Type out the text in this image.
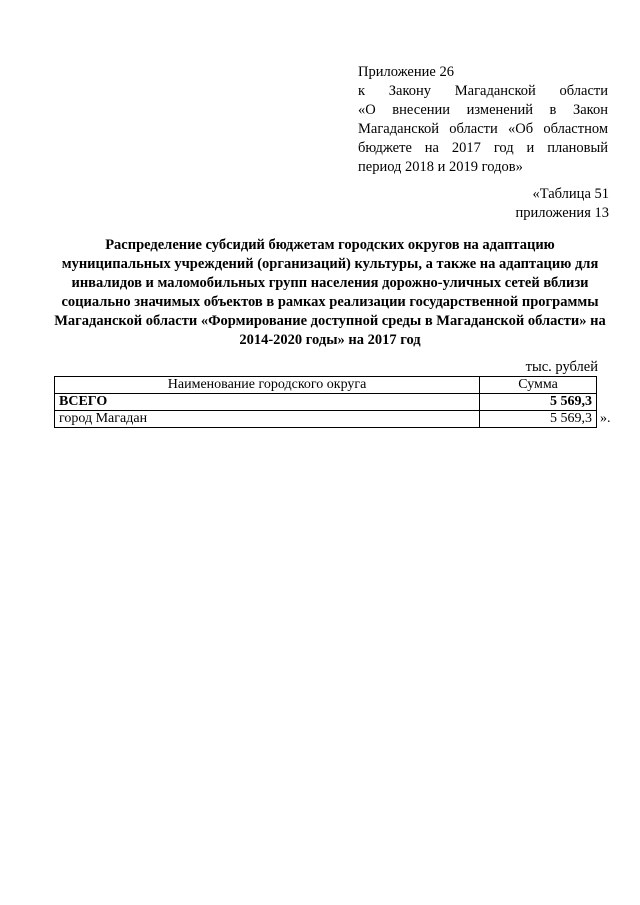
Приложение 26
к Закону Магаданской области
«О внесении изменений в Закон
Магаданской области «Об областном
бюджете на 2017 год и плановый
период 2018 и 2019 годов»
«Таблица 51
приложения 13
Распределение субсидий бюджетам городских округов на адаптацию муниципальных учреждений (организаций) культуры, а также на адаптацию для инвалидов и маломобильных групп населения дорожно-уличных сетей вблизи социально значимых объектов в рамках реализации государственной программы Магаданской области «Формирование доступной среды в Магаданской области» на 2014-2020 годы» на 2017 год
тыс. рублей
Наименование городского округа	Сумма
ВСЕГО	5 569,3
город Магадан	5 569,3 ».
